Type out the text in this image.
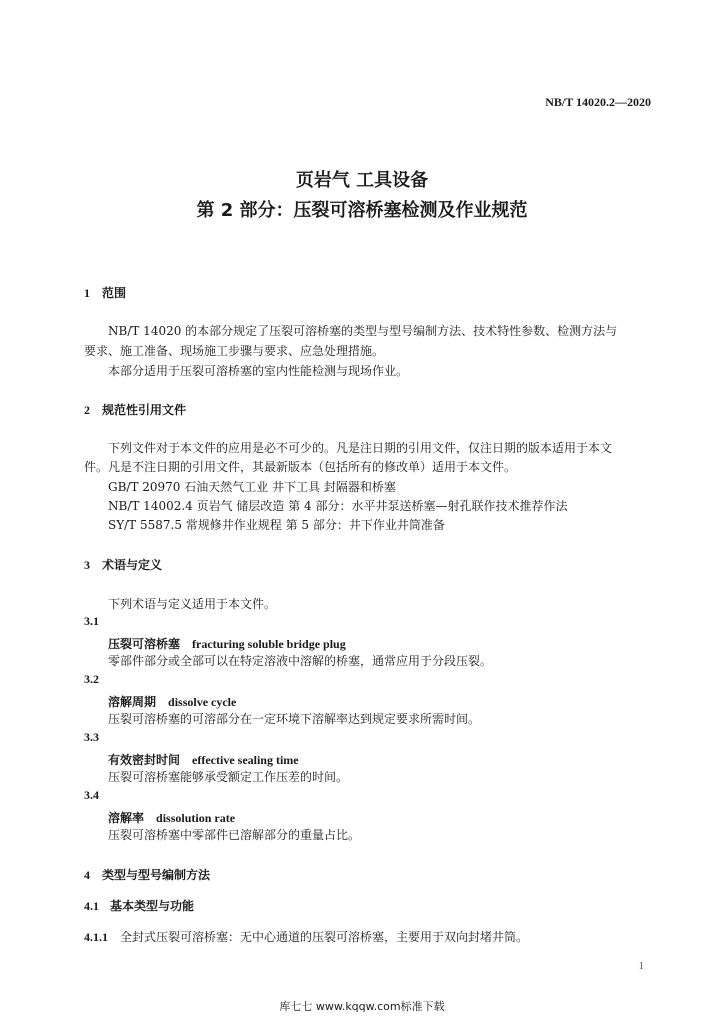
NB/T 14020.2—2020
页岩气 工具设备
第 2 部分：压裂可溶桥塞检测及作业规范
1 范围
NB/T 14020 的本部分规定了压裂可溶桥塞的类型与型号编制方法、技术特性参数、检测方法与
要求、施工准备、现场施工步骤与要求、应急处理措施。
本部分适用于压裂可溶桥塞的室内性能检测与现场作业。
2 规范性引用文件
下列文件对于本文件的应用是必不可少的。凡是注日期的引用文件，仅注日期的版本适用于本文
件。凡是不注日期的引用文件，其最新版本（包括所有的修改单）适用于本文件。
GB/T 20970 石油天然气工业 井下工具 封隔器和桥塞
NB/T 14002.4 页岩气 储层改造 第 4 部分：水平井泵送桥塞—射孔联作技术推荐作法
SY/T 5587.5 常规修井作业规程 第 5 部分：井下作业井筒准备
3 术语与定义
下列术语与定义适用于本文件。
3.1
压裂可溶桥塞 fracturing soluble bridge plug
零部件部分或全部可以在特定溶液中溶解的桥塞，通常应用于分段压裂。
3.2
溶解周期 dissolve cycle
压裂可溶桥塞的可溶部分在一定环境下溶解率达到规定要求所需时间。
3.3
有效密封时间 effective sealing time
压裂可溶桥塞能够承受额定工作压差的时间。
3.4
溶解率 dissolution rate
压裂可溶桥塞中零部件已溶解部分的重量占比。
4 类型与型号编制方法
4.1 基本类型与功能
4.1.1 全封式压裂可溶桥塞：无中心通道的压裂可溶桥塞，主要用于双向封堵井筒。
1
库七七 www.kqqw.com标准下载
